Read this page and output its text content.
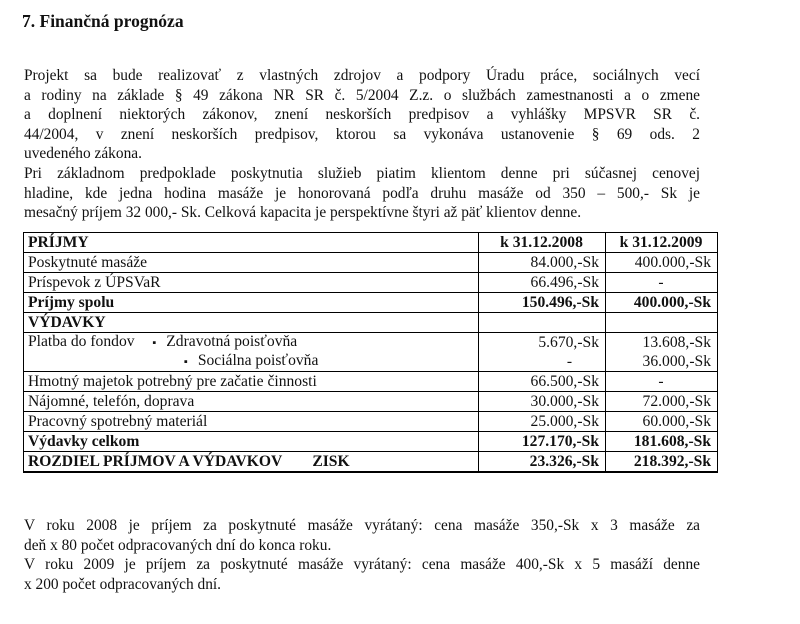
7. Finančná prognóza
Projekt sa bude realizovať z vlastných zdrojov a podpory Úradu práce, sociálnych vecí
a rodiny na základe § 49 zákona NR SR č. 5/2004 Z.z. o službách zamestnanosti a o zmene
a doplnení niektorých zákonov, znení neskorších predpisov a vyhlášky MPSVR SR č.
44/2004, v znení neskorších predpisov, ktorou sa vykonáva ustanovenie § 69 ods. 2
uvedeného zákona.
Pri základnom predpoklade poskytnutia služieb piatim klientom denne pri súčasnej cenovej
hladine, kde jedna hodina masáže je honorovaná podľa druhu masáže od 350 – 500,- Sk je
mesačný príjem 32 000,- Sk. Celková kapacita je perspektívne štyri až päť klientov denne.
PRÍJMY	k 31.12.2008	k 31.12.2009
Poskytnuté masáže	84.000,-Sk	400.000,-Sk
Príspevok z ÚPSVaR	66.496,-Sk	-
Príjmy spolu	150.496,-Sk	400.000,-Sk
VÝDAVKY		
Platba do fondov ▪ Zdravotná poisťovňa	5.670,-Sk	13.608,-Sk
▪ Sociálna poisťovňa	-	36.000,-Sk
Hmotný majetok potrebný pre začatie činnosti	66.500,-Sk	-
Nájomné, telefón, doprava	30.000,-Sk	72.000,-Sk
Pracovný spotrebný materiál	25.000,-Sk	60.000,-Sk
Výdavky celkom	127.170,-Sk	181.608,-Sk
ROZDIEL PRÍJMOV A VÝDAVKOV ZISK	23.326,-Sk	218.392,-Sk
V roku 2008 je príjem za poskytnuté masáže vyrátaný: cena masáže 350,-Sk x 3 masáže za
deň x 80 počet odpracovaných dní do konca roku.
V roku 2009 je príjem za poskytnuté masáže vyrátaný: cena masáže 400,-Sk x 5 masáží denne
x 200 počet odpracovaných dní.
